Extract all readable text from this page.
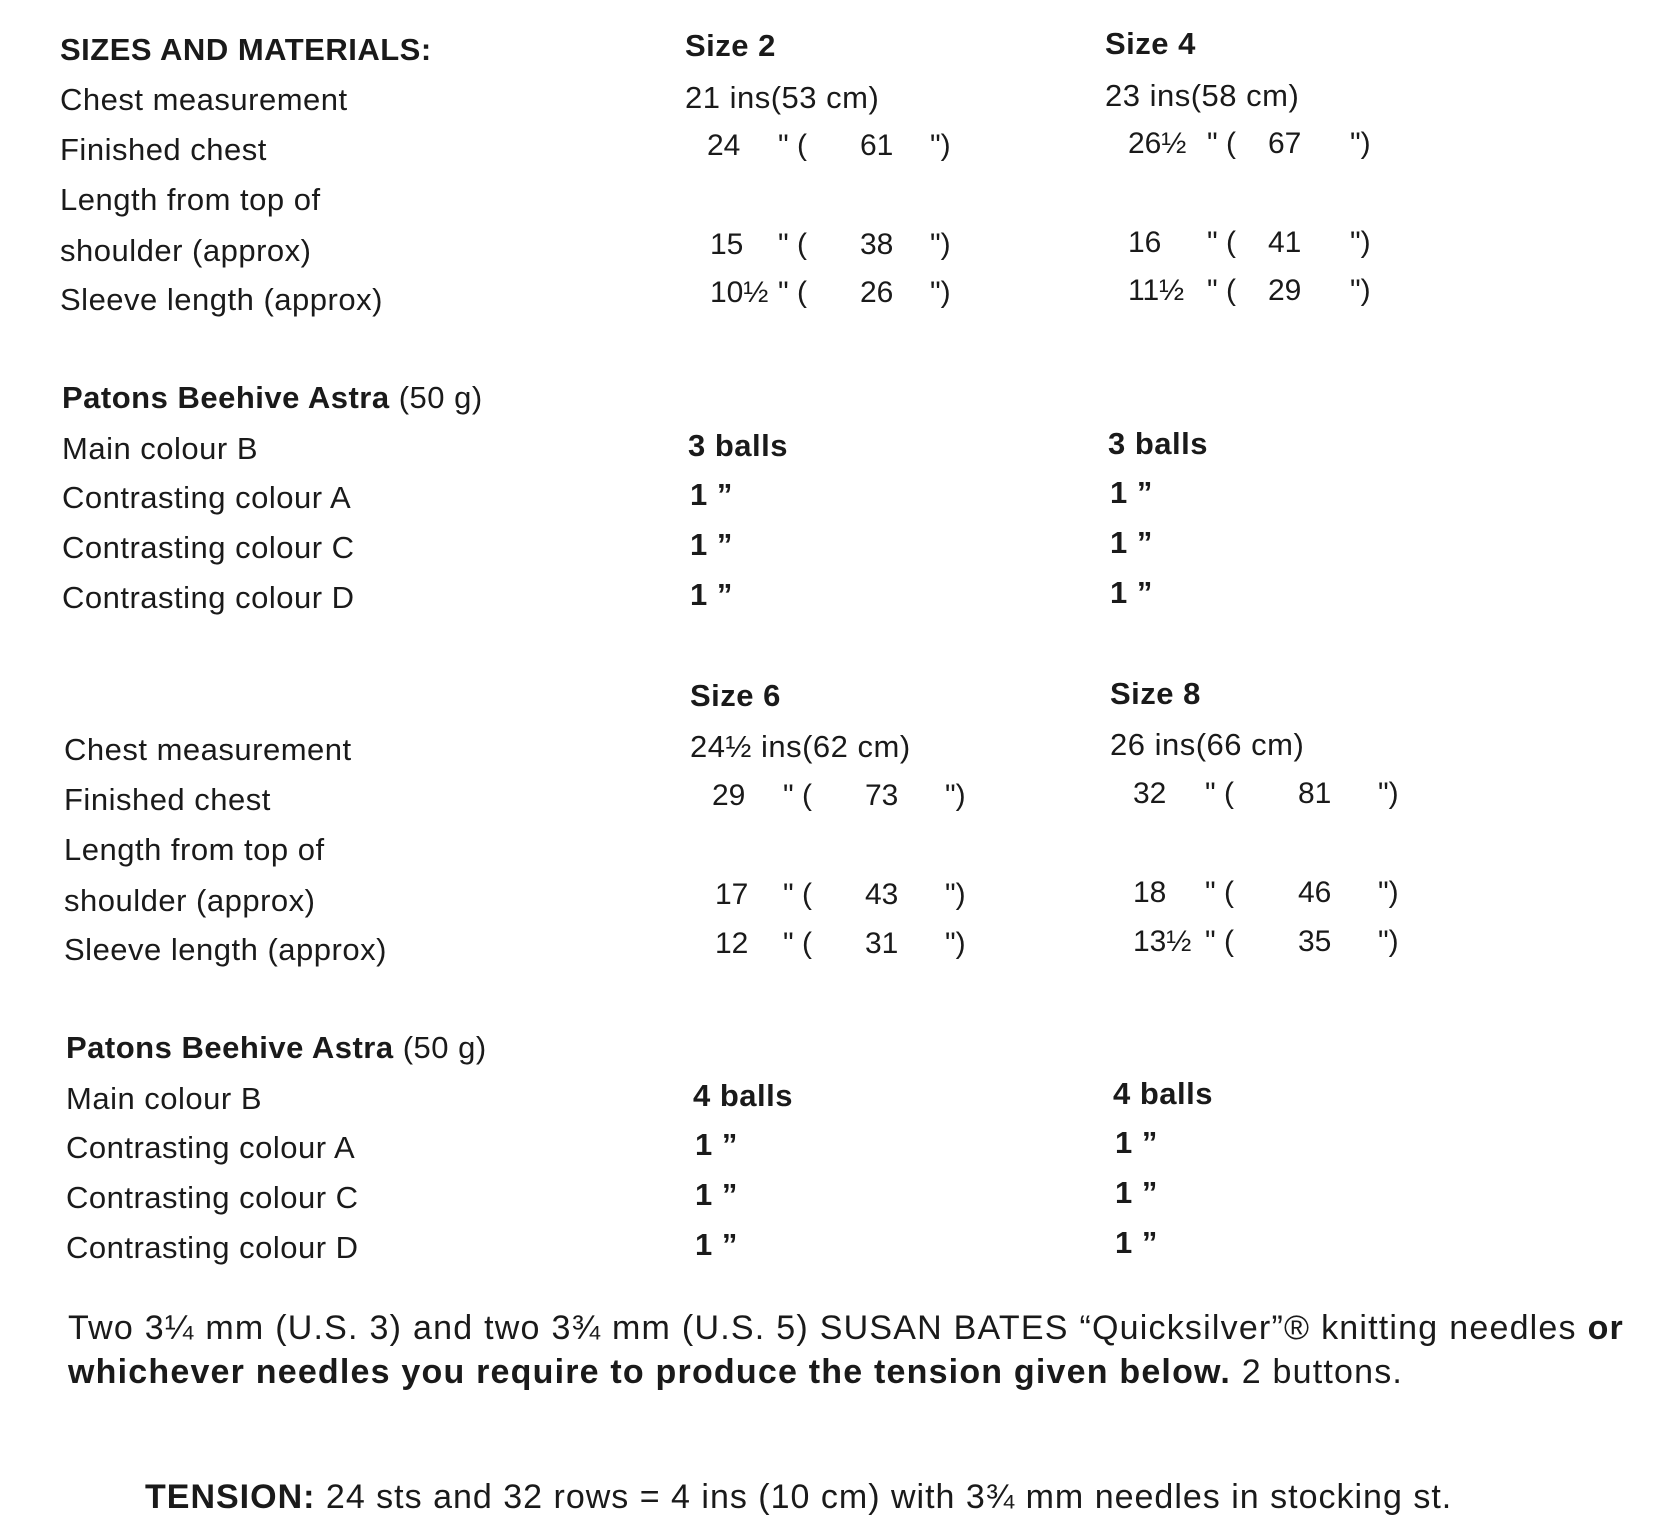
SIZES AND MATERIALS:	Size 2	Size 4
Chest measurement	21 ins(53 cm)	23 ins(58 cm)
Finished chest	24 " ( 61 ")	26½ " ( 67 ")
Length from top of
shoulder (approx)	15 " ( 38 ")	16 " ( 41 ")
Sleeve length (approx)	10½ " ( 26 ")	11½ " ( 29 ")
Patons Beehive Astra (50 g)
Main colour B	3 balls	3 balls
Contrasting colour A	1 ”	1 ”
Contrasting colour C	1 ”	1 ”
Contrasting colour D	1 ”	1 ”
Size 6	Size 8
Chest measurement	24½ ins(62 cm)	26 ins(66 cm)
Finished chest	29 " ( 73 ")	32 " ( 81 ")
Length from top of
shoulder (approx)	17 " ( 43 ")	18 " ( 46 ")
Sleeve length (approx)	12 " ( 31 ")	13½ " ( 35 ")
Patons Beehive Astra (50 g)
Main colour B	4 balls	4 balls
Contrasting colour A	1 ”	1 ”
Contrasting colour C	1 ”	1 ”
Contrasting colour D	1 ”	1 ”
Two 3¼ mm (U.S. 3) and two 3¾ mm (U.S. 5) SUSAN BATES “Quicksilver”® knitting needles or whichever needles you require to produce the tension given below. 2 buttons.
TENSION: 24 sts and 32 rows = 4 ins (10 cm) with 3¾ mm needles in stocking st.
